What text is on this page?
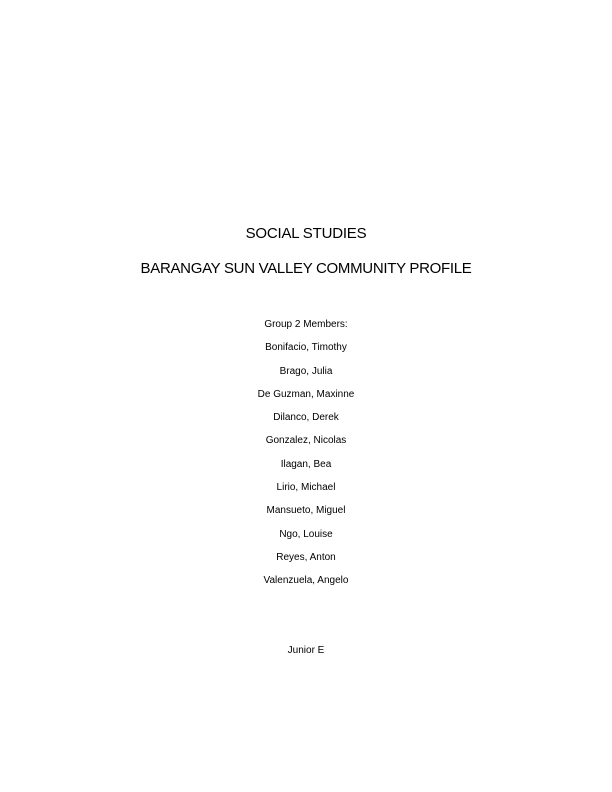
SOCIAL STUDIES
BARANGAY SUN VALLEY COMMUNITY PROFILE
Group 2 Members:
Bonifacio, Timothy
Brago, Julia
De Guzman, Maxinne
Dilanco, Derek
Gonzalez, Nicolas
Ilagan, Bea
Lirio, Michael
Mansueto, Miguel
Ngo, Louise
Reyes, Anton
Valenzuela, Angelo
Junior E
